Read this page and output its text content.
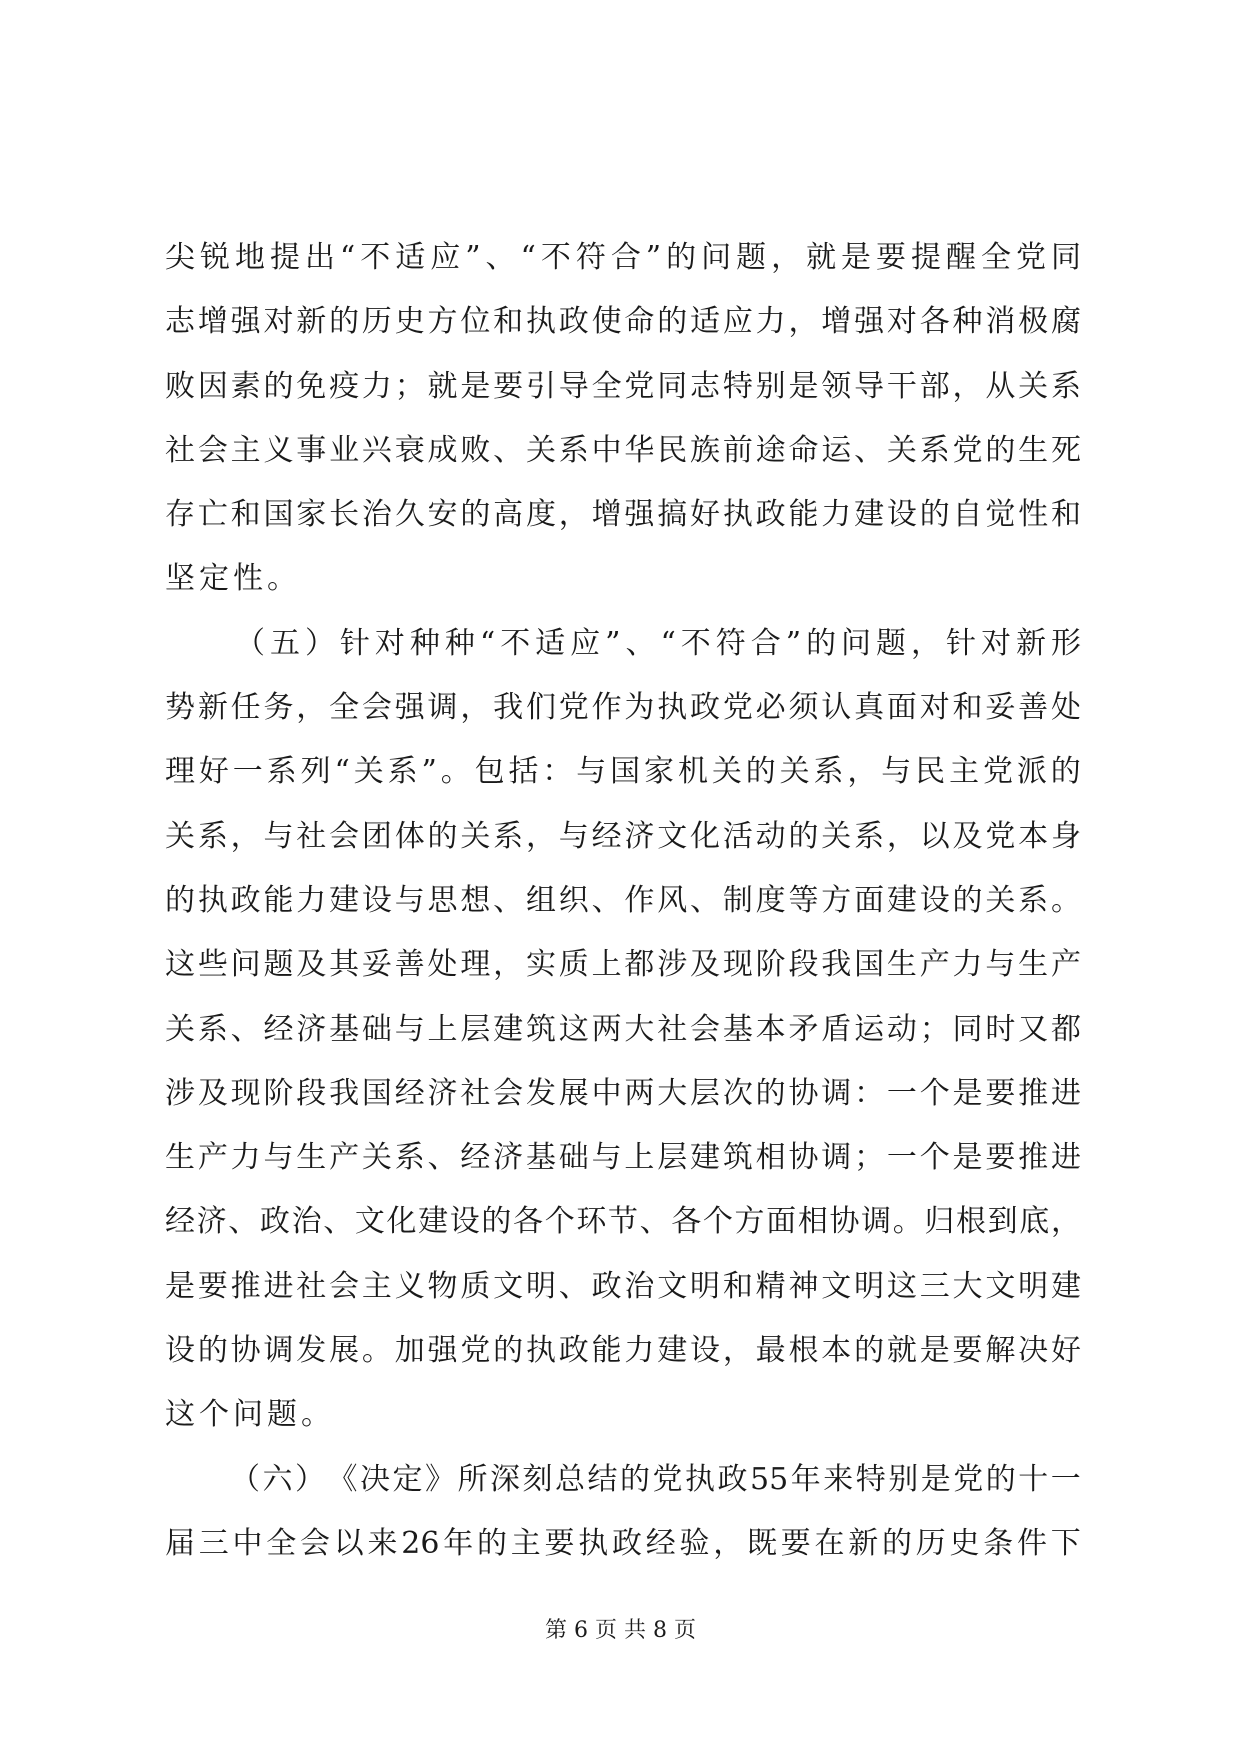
尖 锐 地 提 出 “ 不 适 应 ” 、 “ 不 符 合 ” 的 问 题 ， 就 是 要 提 醒 全 党 同
志 增 强 对 新 的 历 史 方 位 和 执 政 使 命 的 适 应 力 ， 增 强 对 各 种 消 极 腐
败 因 素 的 免 疫 力 ； 就 是 要 引 导 全 党 同 志 特 别 是 领 导 干 部 ， 从 关 系
社 会 主 义 事 业 兴 衰 成 败 、 关 系 中 华 民 族 前 途 命 运 、 关 系 党 的 生 死
存 亡 和 国 家 长 治 久 安 的 高 度 ， 增 强 搞 好 执 政 能 力 建 设 的 自 觉 性 和
坚 定 性 。

（ 五 ） 针 对 种 种 “ 不 适 应 ” 、 “ 不 符 合 ” 的 问 题 ， 针 对 新 形
势 新 任 务 ， 全 会 强 调 ， 我 们 党 作 为 执 政 党 必 须 认 真 面 对 和 妥 善 处
理 好 一 系 列 “ 关 系 ” 。 包 括 ： 与 国 家 机 关 的 关 系 ， 与 民 主 党 派 的
关 系 ， 与 社 会 团 体 的 关 系 ， 与 经 济 文 化 活 动 的 关 系 ， 以 及 党 本 身
的 执 政 能 力 建 设 与 思 想 、 组 织 、 作 风 、 制 度 等 方 面 建 设 的 关 系 。
这 些 问 题 及 其 妥 善 处 理 ， 实 质 上 都 涉 及 现 阶 段 我 国 生 产 力 与 生 产
关 系 、 经 济 基 础 与 上 层 建 筑 这 两 大 社 会 基 本 矛 盾 运 动 ； 同 时 又 都
涉 及 现 阶 段 我 国 经 济 社 会 发 展 中 两 大 层 次 的 协 调 ： 一 个 是 要 推 进
生 产 力 与 生 产 关 系 、 经 济 基 础 与 上 层 建 筑 相 协 调 ； 一 个 是 要 推 进
经 济 、 政 治 、 文 化 建 设 的 各 个 环 节 、 各 个 方 面 相 协 调 。 归 根 到 底 ，
是 要 推 进 社 会 主 义 物 质 文 明 、 政 治 文 明 和 精 神 文 明 这 三 大 文 明 建
设 的 协 调 发 展 。 加 强 党 的 执 政 能 力 建 设 ， 最 根 本 的 就 是 要 解 决 好
这 个 问 题 。

（ 六 ） 《 决 定 》 所 深 刻 总 结 的 党 执 政 55 年 来 特 别 是 党 的 十 一
届 三 中 全 会 以 来 26 年 的 主 要 执 政 经 验 ， 既 要 在 新 的 历 史 条 件 下
第 6 页 共 8 页
